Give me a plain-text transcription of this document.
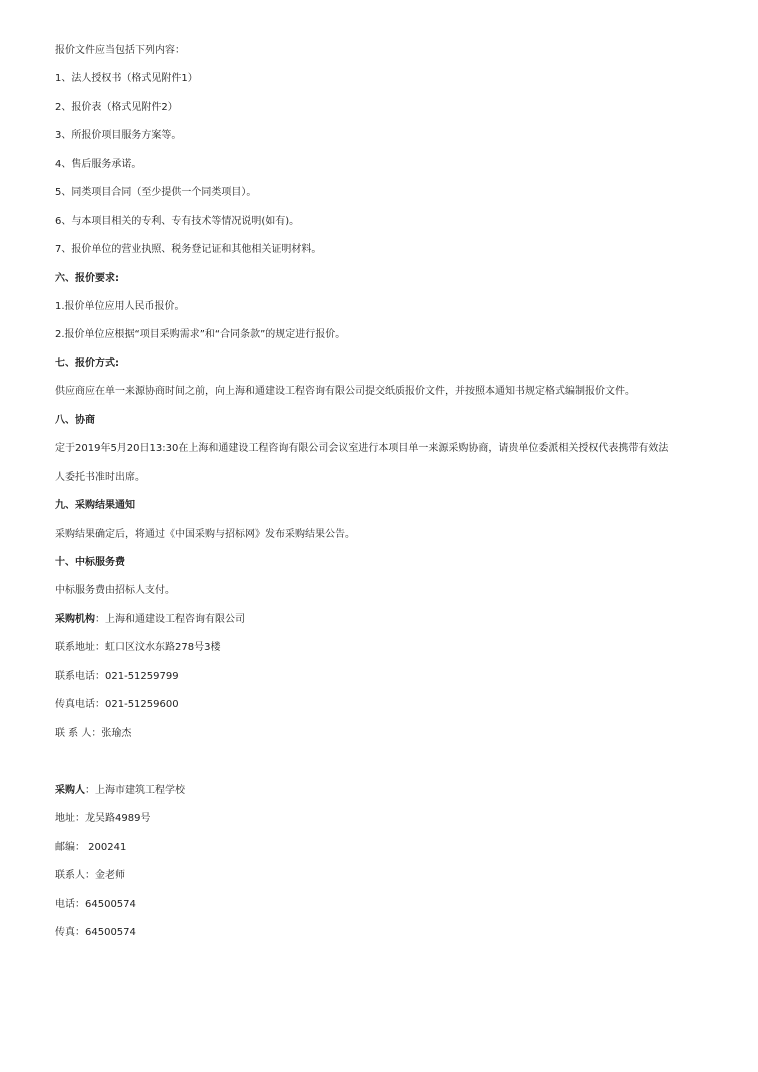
报价文件应当包括下列内容：
1、法人授权书（格式见附件1）
2、报价表（格式见附件2）
3、所报价项目服务方案等。
4、售后服务承诺。
5、同类项目合同（至少提供一个同类项目）。
6、与本项目相关的专利、专有技术等情况说明(如有)。
7、报价单位的营业执照、税务登记证和其他相关证明材料。
六、报价要求:
1.报价单位应用人民币报价。
2.报价单位应根据“项目采购需求”和“合同条款”的规定进行报价。
七、报价方式:
供应商应在单一来源协商时间之前，向上海和通建设工程咨询有限公司提交纸质报价文件，并按照本通知书规定格式编制报价文件。
八、协商
定于2019年5月20日13:30在上海和通建设工程咨询有限公司会议室进行本项目单一来源采购协商，请贵单位委派相关授权代表携带有效法
人委托书准时出席。
九、采购结果通知
采购结果确定后，将通过《中国采购与招标网》发布采购结果公告。
十、中标服务费
中标服务费由招标人支付。
采购机构：上海和通建设工程咨询有限公司
联系地址：虹口区汶水东路278号3楼
联系电话：021-51259799
传真电话：021-51259600
联 系 人：张瑜杰
采购人：上海市建筑工程学校
地址：龙吴路4989号
邮编： 200241
联系人：金老师
电话：64500574
传真：64500574
